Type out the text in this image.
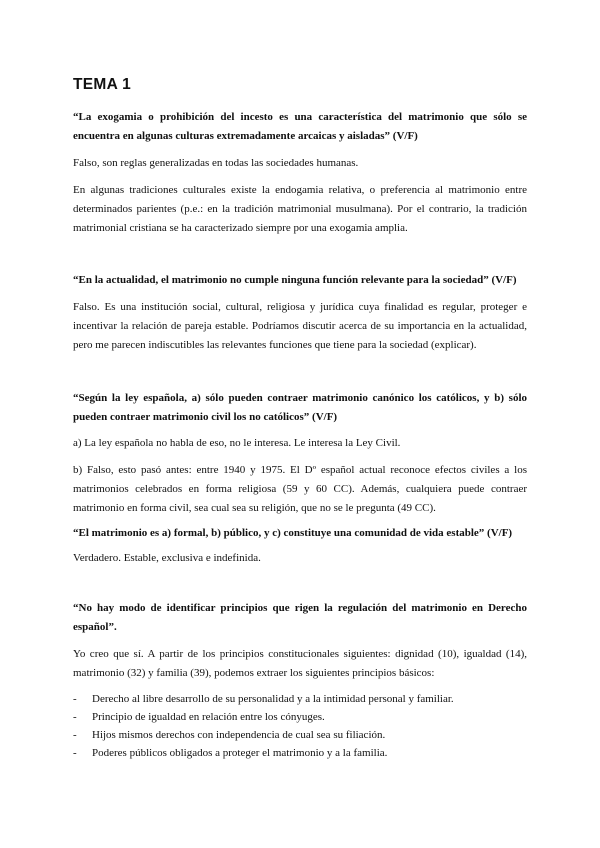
TEMA 1
“La exogamia o prohibición del incesto es una característica del matrimonio que sólo se encuentra en algunas culturas extremadamente arcaicas y aisladas” (V/F)
Falso, son reglas generalizadas en todas las sociedades humanas.
En algunas tradiciones culturales existe la endogamia relativa, o preferencia al matrimonio entre determinados parientes (p.e.: en la tradición matrimonial musulmana). Por el contrario, la tradición matrimonial cristiana se ha caracterizado siempre por una exogamia amplia.
“En la actualidad, el matrimonio no cumple ninguna función relevante para la sociedad” (V/F)
Falso. Es una institución social, cultural, religiosa y jurídica cuya finalidad es regular, proteger e incentivar la relación de pareja estable. Podríamos discutir acerca de su importancia en la actualidad, pero me parecen indiscutibles las relevantes funciones que tiene para la sociedad (explicar).
“Según la ley española, a) sólo pueden contraer matrimonio canónico los católicos, y b) sólo pueden contraer matrimonio civil los no católicos” (V/F)
a) La ley española no habla de eso, no le interesa. Le interesa la Ley Civil.
b) Falso, esto pasó antes: entre 1940 y 1975. El Dº español actual reconoce efectos civiles a los matrimonios celebrados en forma religiosa (59 y 60 CC). Además, cualquiera puede contraer matrimonio en forma civil, sea cual sea su religión, que no se le pregunta (49 CC).
“El matrimonio es a) formal, b) público, y c) constituye una comunidad de vida estable” (V/F)
Verdadero. Estable, exclusiva e indefinida.
“No hay modo de identificar principios que rigen la regulación del matrimonio en Derecho español”.
Yo creo que sí. A partir de los principios constitucionales siguientes: dignidad (10), igualdad (14), matrimonio (32) y familia (39), podemos extraer los siguientes principios básicos:
- Derecho al libre desarrollo de su personalidad y a la intimidad personal y familiar.
- Principio de igualdad en relación entre los cónyuges.
- Hijos mismos derechos con independencia de cual sea su filiación.
- Poderes públicos obligados a proteger el matrimonio y a la familia.
